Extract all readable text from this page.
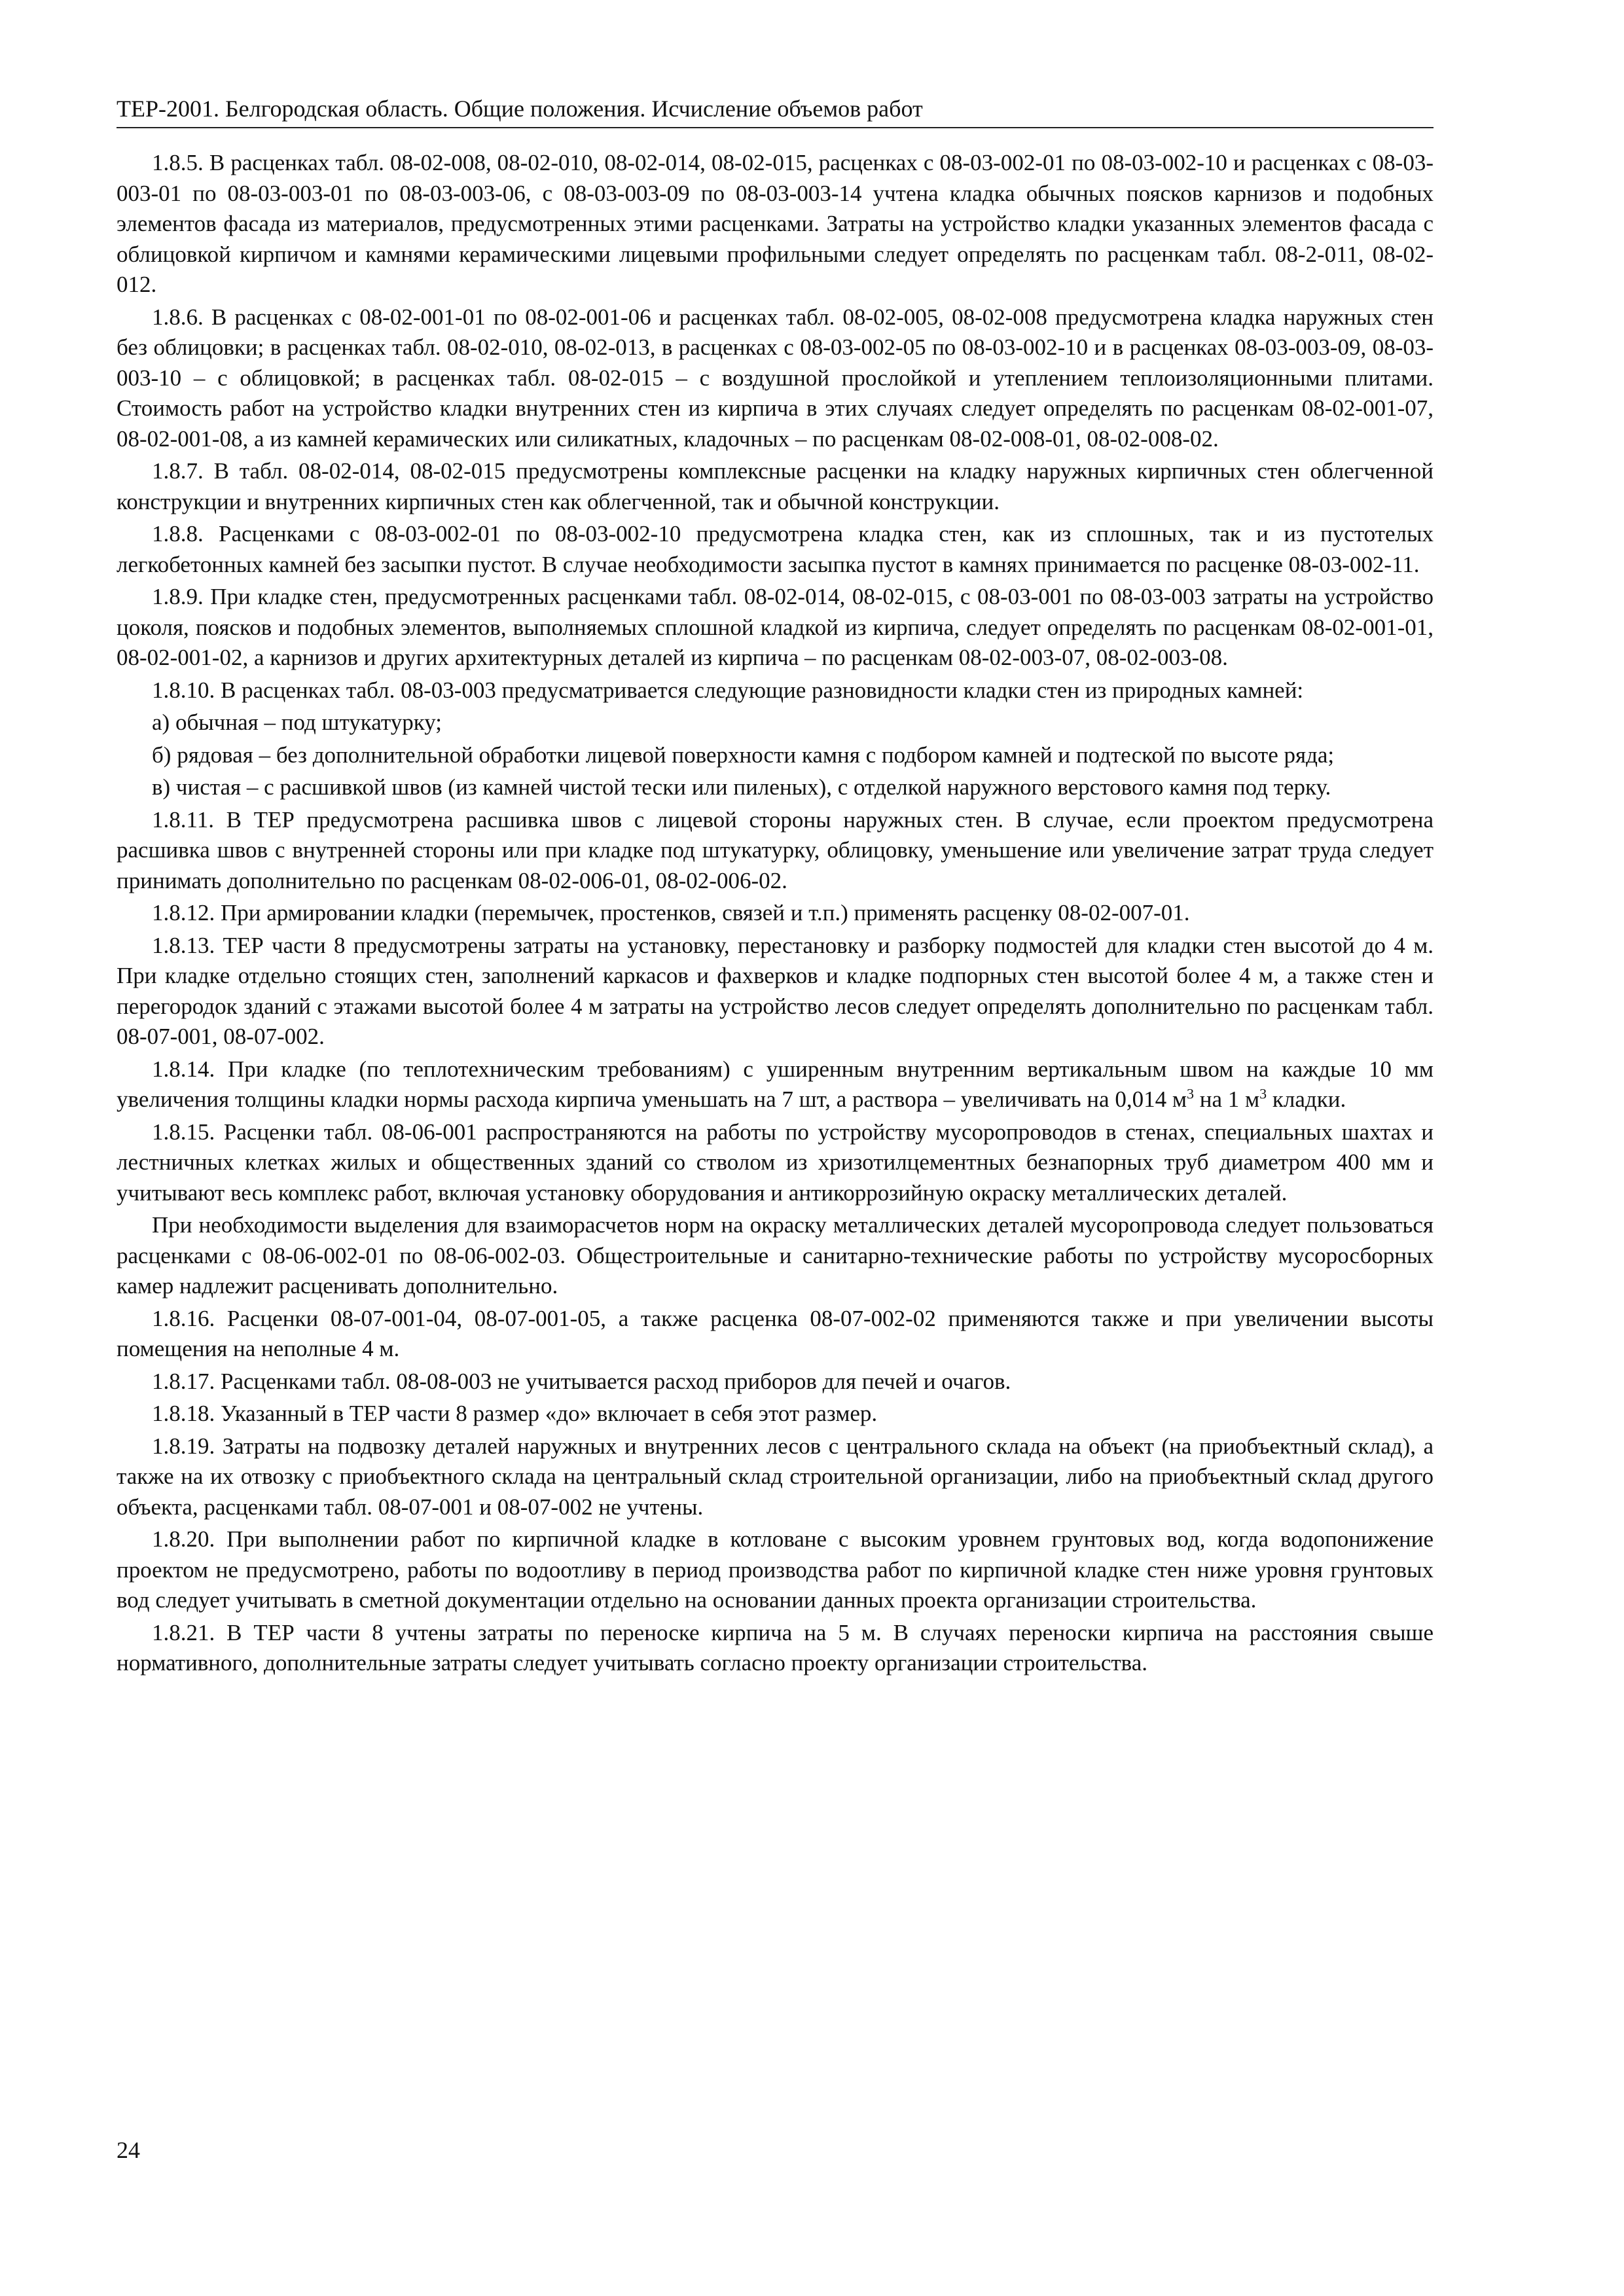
ТЕР-2001. Белгородская область. Общие положения. Исчисление объемов работ

1.8.5. В расценках табл. 08-02-008, 08-02-010, 08-02-014, 08-02-015, расценках с 08-03-002-01 по 08-03-002-10 и расценках с 08-03-003-01 по 08-03-003-01 по 08-03-003-06, с 08-03-003-09 по 08-03-003-14 учтена кладка обычных поясков карнизов и подобных элементов фасада из материалов, предусмотренных этими расценками. Затраты на устройство кладки указанных элементов фасада с облицовкой кирпичом и камнями керамическими лицевыми профильными следует определять по расценкам табл. 08-2-011, 08-02-012.

1.8.6. В расценках с 08-02-001-01 по 08-02-001-06 и расценках табл. 08-02-005, 08-02-008 предусмотрена кладка наружных стен без облицовки; в расценках табл. 08-02-010, 08-02-013, в расценках с 08-03-002-05 по 08-03-002-10 и в расценках 08-03-003-09, 08-03-003-10 – с облицовкой; в расценках табл. 08-02-015 – с воздушной прослойкой и утеплением теплоизоляционными плитами. Стоимость работ на устройство кладки внутренних стен из кирпича в этих случаях следует определять по расценкам 08-02-001-07, 08-02-001-08, а из камней керамических или силикатных, кладочных – по расценкам 08-02-008-01, 08-02-008-02.

1.8.7. В табл. 08-02-014, 08-02-015 предусмотрены комплексные расценки на кладку наружных кирпичных стен облегченной конструкции и внутренних кирпичных стен как облегченной, так и обычной конструкции.

1.8.8. Расценками с 08-03-002-01 по 08-03-002-10 предусмотрена кладка стен, как из сплошных, так и из пустотелых легкобетонных камней без засыпки пустот. В случае необходимости засыпка пустот в камнях принимается по расценке 08-03-002-11.

1.8.9. При кладке стен, предусмотренных расценками табл. 08-02-014, 08-02-015, с 08-03-001 по 08-03-003 затраты на устройство цоколя, поясков и подобных элементов, выполняемых сплошной кладкой из кирпича, следует определять по расценкам 08-02-001-01, 08-02-001-02, а карнизов и других архитектурных деталей из кирпича – по расценкам 08-02-003-07, 08-02-003-08.

1.8.10. В расценках табл. 08-03-003 предусматривается следующие разновидности кладки стен из природных камней:

а) обычная – под штукатурку;

б) рядовая – без дополнительной обработки лицевой поверхности камня с подбором камней и подтеской по высоте ряда;

в) чистая – с расшивкой швов (из камней чистой тески или пиленых), с отделкой наружного верстового камня под терку.

1.8.11. В ТЕР предусмотрена расшивка швов с лицевой стороны наружных стен. В случае, если проектом предусмотрена расшивка швов с внутренней стороны или при кладке под штукатурку, облицовку, уменьшение или увеличение затрат труда следует принимать дополнительно по расценкам 08-02-006-01, 08-02-006-02.

1.8.12. При армировании кладки (перемычек, простенков, связей и т.п.) применять расценку 08-02-007-01.

1.8.13. ТЕР части 8 предусмотрены затраты на установку, перестановку и разборку подмостей для кладки стен высотой до 4 м. При кладке отдельно стоящих стен, заполнений каркасов и фахверков и кладке подпорных стен высотой более 4 м, а также стен и перегородок зданий с этажами высотой более 4 м затраты на устройство лесов следует определять дополнительно по расценкам табл. 08-07-001, 08-07-002.

1.8.14. При кладке (по теплотехническим требованиям) с уширенным внутренним вертикальным швом на каждые 10 мм увеличения толщины кладки нормы расхода кирпича уменьшать на 7 шт, а раствора – увеличивать на 0,014 $м^3$ на 1 $м^3$ кладки.

1.8.15. Расценки табл. 08-06-001 распространяются на работы по устройству мусоропроводов в стенах, специальных шахтах и лестничных клетках жилых и общественных зданий со стволом из хризотилцементных безнапорных труб диаметром 400 мм и учитывают весь комплекс работ, включая установку оборудования и антикоррозийную окраску металлических деталей.

При необходимости выделения для взаиморасчетов норм на окраску металлических деталей мусоропровода следует пользоваться расценками с 08-06-002-01 по 08-06-002-03. Общестроительные и санитарно-технические работы по устройству мусоросборных камер надлежит расценивать дополнительно.

1.8.16. Расценки 08-07-001-04, 08-07-001-05, а также расценка 08-07-002-02 применяются также и при увеличении высоты помещения на неполные 4 м.

1.8.17. Расценками табл. 08-08-003 не учитывается расход приборов для печей и очагов.

1.8.18. Указанный в ТЕР части 8 размер «до» включает в себя этот размер.

1.8.19. Затраты на подвозку деталей наружных и внутренних лесов с центрального склада на объект (на приобъектный склад), а также на их отвозку с приобъектного склада на центральный склад строительной организации, либо на приобъектный склад другого объекта, расценками табл. 08-07-001 и 08-07-002 не учтены.

1.8.20. При выполнении работ по кирпичной кладке в котловане с высоким уровнем грунтовых вод, когда водопонижение проектом не предусмотрено, работы по водоотливу в период производства работ по кирпичной кладке стен ниже уровня грунтовых вод следует учитывать в сметной документации отдельно на основании данных проекта организации строительства.

1.8.21. В ТЕР части 8 учтены затраты по переноске кирпича на 5 м. В случаях переноски кирпича на расстояния свыше нормативного, дополнительные затраты следует учитывать согласно проекту организации строительства.

24
